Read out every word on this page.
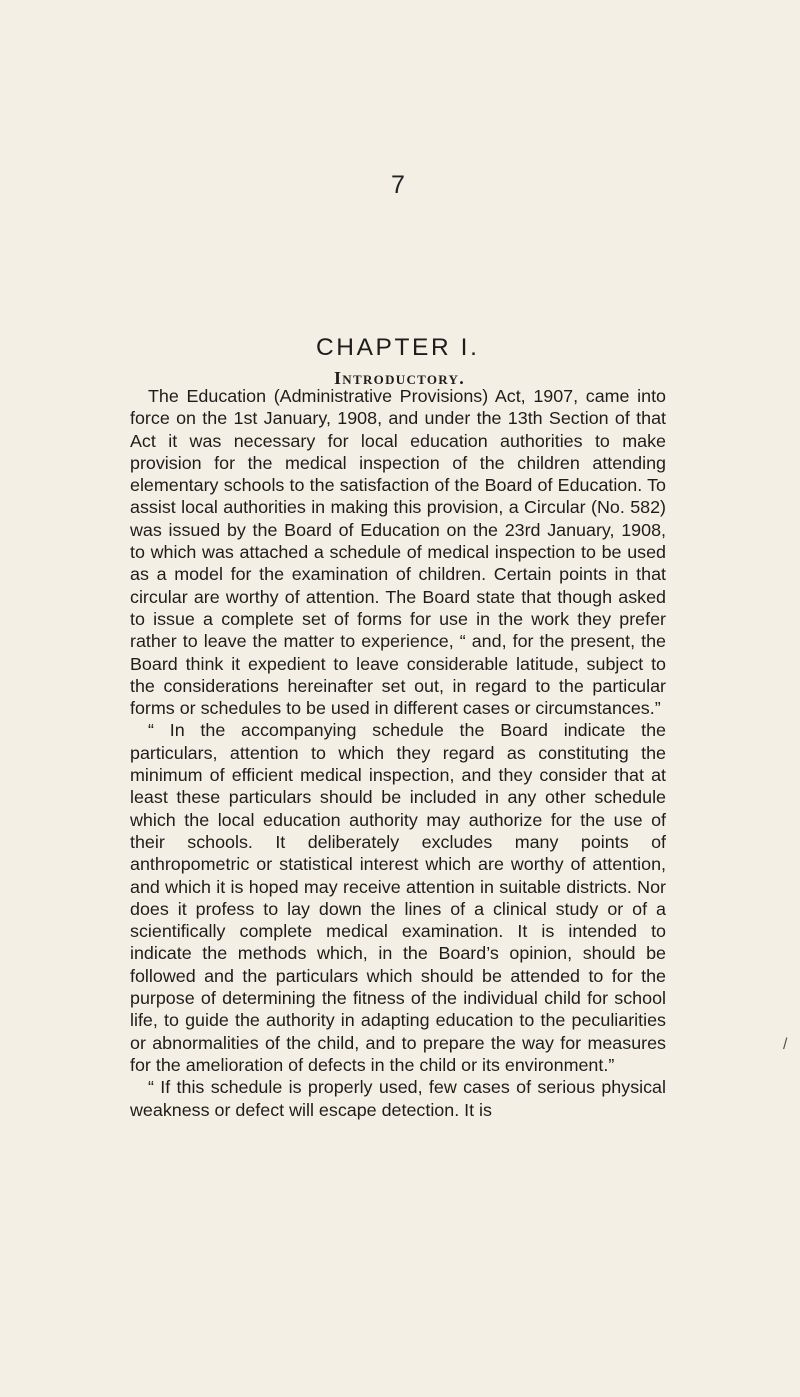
7
CHAPTER I.
Introductory.

The Education (Administrative Provisions) Act, 1907, came into force on the 1st January, 1908, and under the 13th Section of that Act it was necessary for local education authorities to make provision for the medical inspection of the children attending elementary schools to the satisfaction of the Board of Education. To assist local authorities in making this provision, a Circular (No. 582) was issued by the Board of Education on the 23rd January, 1908, to which was attached a schedule of medical inspection to be used as a model for the examination of children. Certain points in that circular are worthy of attention. The Board state that though asked to issue a complete set of forms for use in the work they prefer rather to leave the matter to experience, “ and, for the present, the Board think it expedient to leave considerable latitude, subject to the considerations hereinafter set out, in regard to the particular forms or schedules to be used in different cases or circumstances.”

“ In the accompanying schedule the Board indicate the particulars, attention to which they regard as constituting the minimum of efficient medical inspection, and they consider that at least these particulars should be included in any other schedule which the local education authority may authorize for the use of their schools. It deliberately excludes many points of anthropometric or statistical interest which are worthy of attention, and which it is hoped may receive attention in suitable districts. Nor does it profess to lay down the lines of a clinical study or of a scientifically complete medical examination. It is intended to indicate the methods which, in the Board’s opinion, should be followed and the particulars which should be attended to for the purpose of determining the fitness of the individual child for school life, to guide the authority in adapting education to the peculiarities or abnormalities of the child, and to prepare the way for measures for the amelioration of defects in the child or its environment.”

“ If this schedule is properly used, few cases of serious physical weakness or defect will escape detection. It is

/
